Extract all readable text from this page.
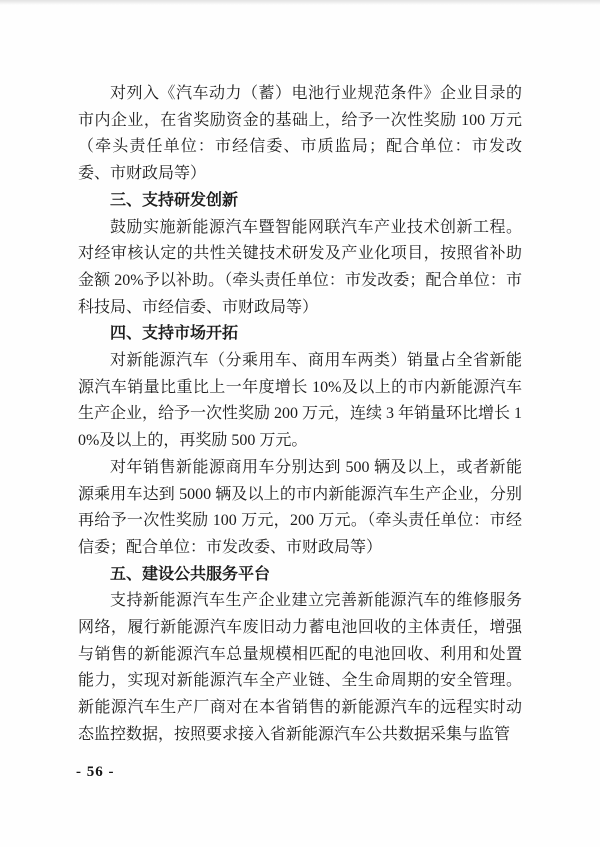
对列入《汽车动力（蓄）电池行业规范条件》企业目录的市内企业，在省奖励资金的基础上，给予一次性奖励 100 万元（牵头责任单位：市经信委、市质监局；配合单位：市发改委、市财政局等）

三、支持研发创新

鼓励实施新能源汽车暨智能网联汽车产业技术创新工程。对经审核认定的共性关键技术研发及产业化项目，按照省补助金额 20%予以补助。（牵头责任单位：市发改委；配合单位：市科技局、市经信委、市财政局等）

四、支持市场开拓

对新能源汽车（分乘用车、商用车两类）销量占全省新能源汽车销量比重比上一年度增长 10%及以上的市内新能源汽车生产企业，给予一次性奖励 200 万元，连续 3 年销量环比增长 10%及以上的，再奖励 500 万元。

对年销售新能源商用车分别达到 500 辆及以上，或者新能源乘用车达到 5000 辆及以上的市内新能源汽车生产企业，分别再给予一次性奖励 100 万元，200 万元。（牵头责任单位：市经信委；配合单位：市发改委、市财政局等）

五、建设公共服务平台

支持新能源汽车生产企业建立完善新能源汽车的维修服务网络，履行新能源汽车废旧动力蓄电池回收的主体责任，增强与销售的新能源汽车总量规模相匹配的电池回收、利用和处置能力，实现对新能源汽车全产业链、全生命周期的安全管理。新能源汽车生产厂商对在本省销售的新能源汽车的远程实时动态监控数据，按照要求接入省新能源汽车公共数据采集与监管

- 56 -
